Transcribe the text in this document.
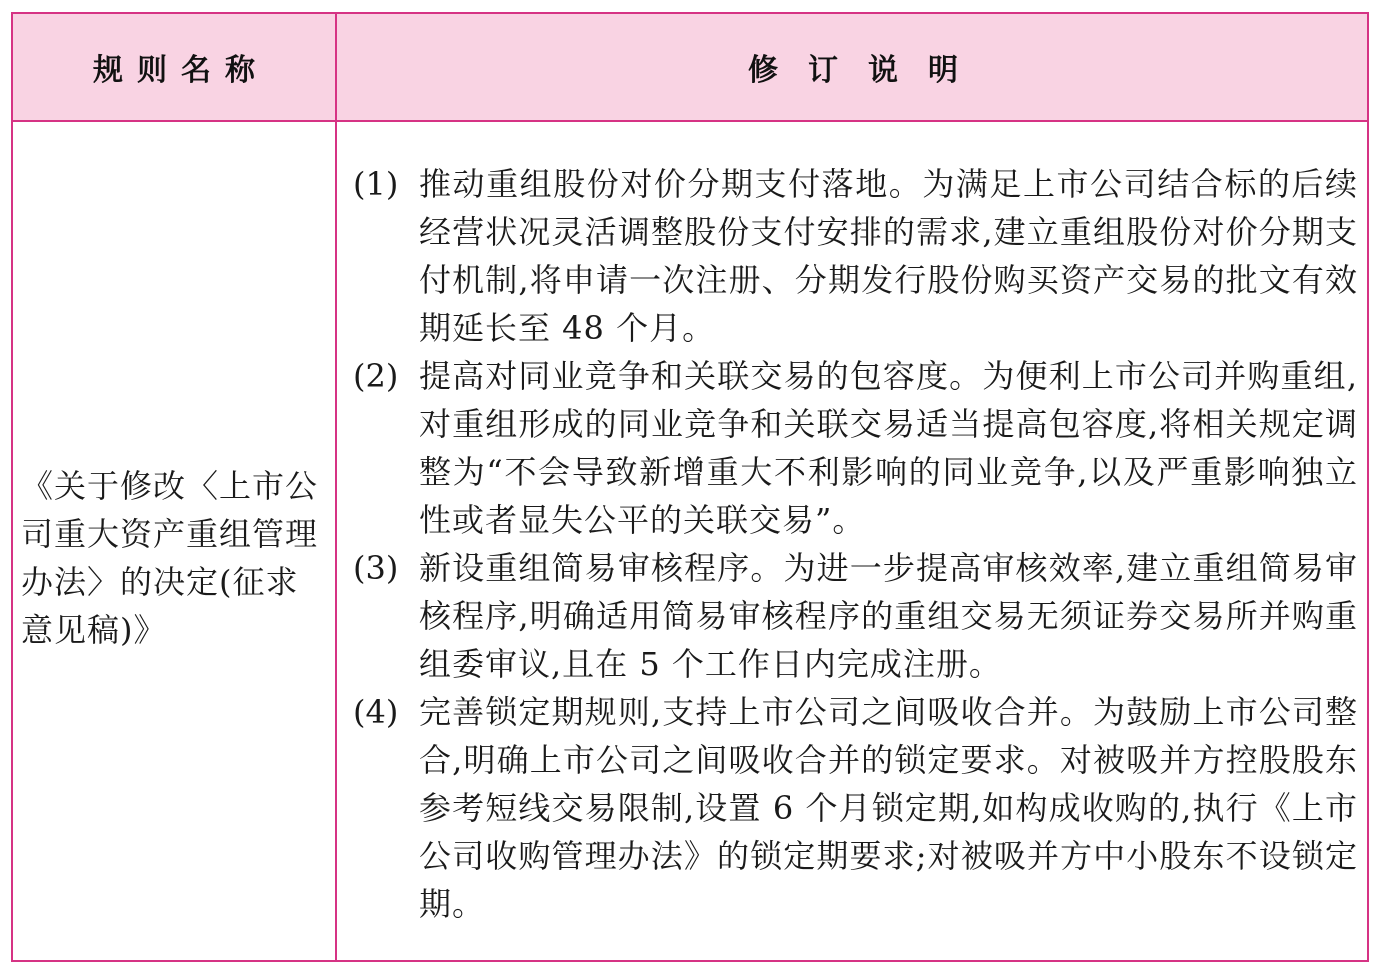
规则名称	修订说明
《关于修改〈上市公司重大资产重组管理办法〉的决定(征求意见稿)》
(1) 推动重组股份对价分期支付落地。为满足上市公司结合标的后续经营状况灵活调整股份支付安排的需求,建立重组股份对价分期支付机制,将申请一次注册、分期发行股份购买资产交易的批文有效期延长至 48 个月。
(2) 提高对同业竞争和关联交易的包容度。为便利上市公司并购重组,对重组形成的同业竞争和关联交易适当提高包容度,将相关规定调整为“不会导致新增重大不利影响的同业竞争,以及严重影响独立性或者显失公平的关联交易”。
(3) 新设重组简易审核程序。为进一步提高审核效率,建立重组简易审核程序,明确适用简易审核程序的重组交易无须证券交易所并购重组委审议,且在 5 个工作日内完成注册。
(4) 完善锁定期规则,支持上市公司之间吸收合并。为鼓励上市公司整合,明确上市公司之间吸收合并的锁定要求。对被吸并方控股股东参考短线交易限制,设置 6 个月锁定期,如构成收购的,执行《上市公司收购管理办法》的锁定期要求;对被吸并方中小股东不设锁定期。
